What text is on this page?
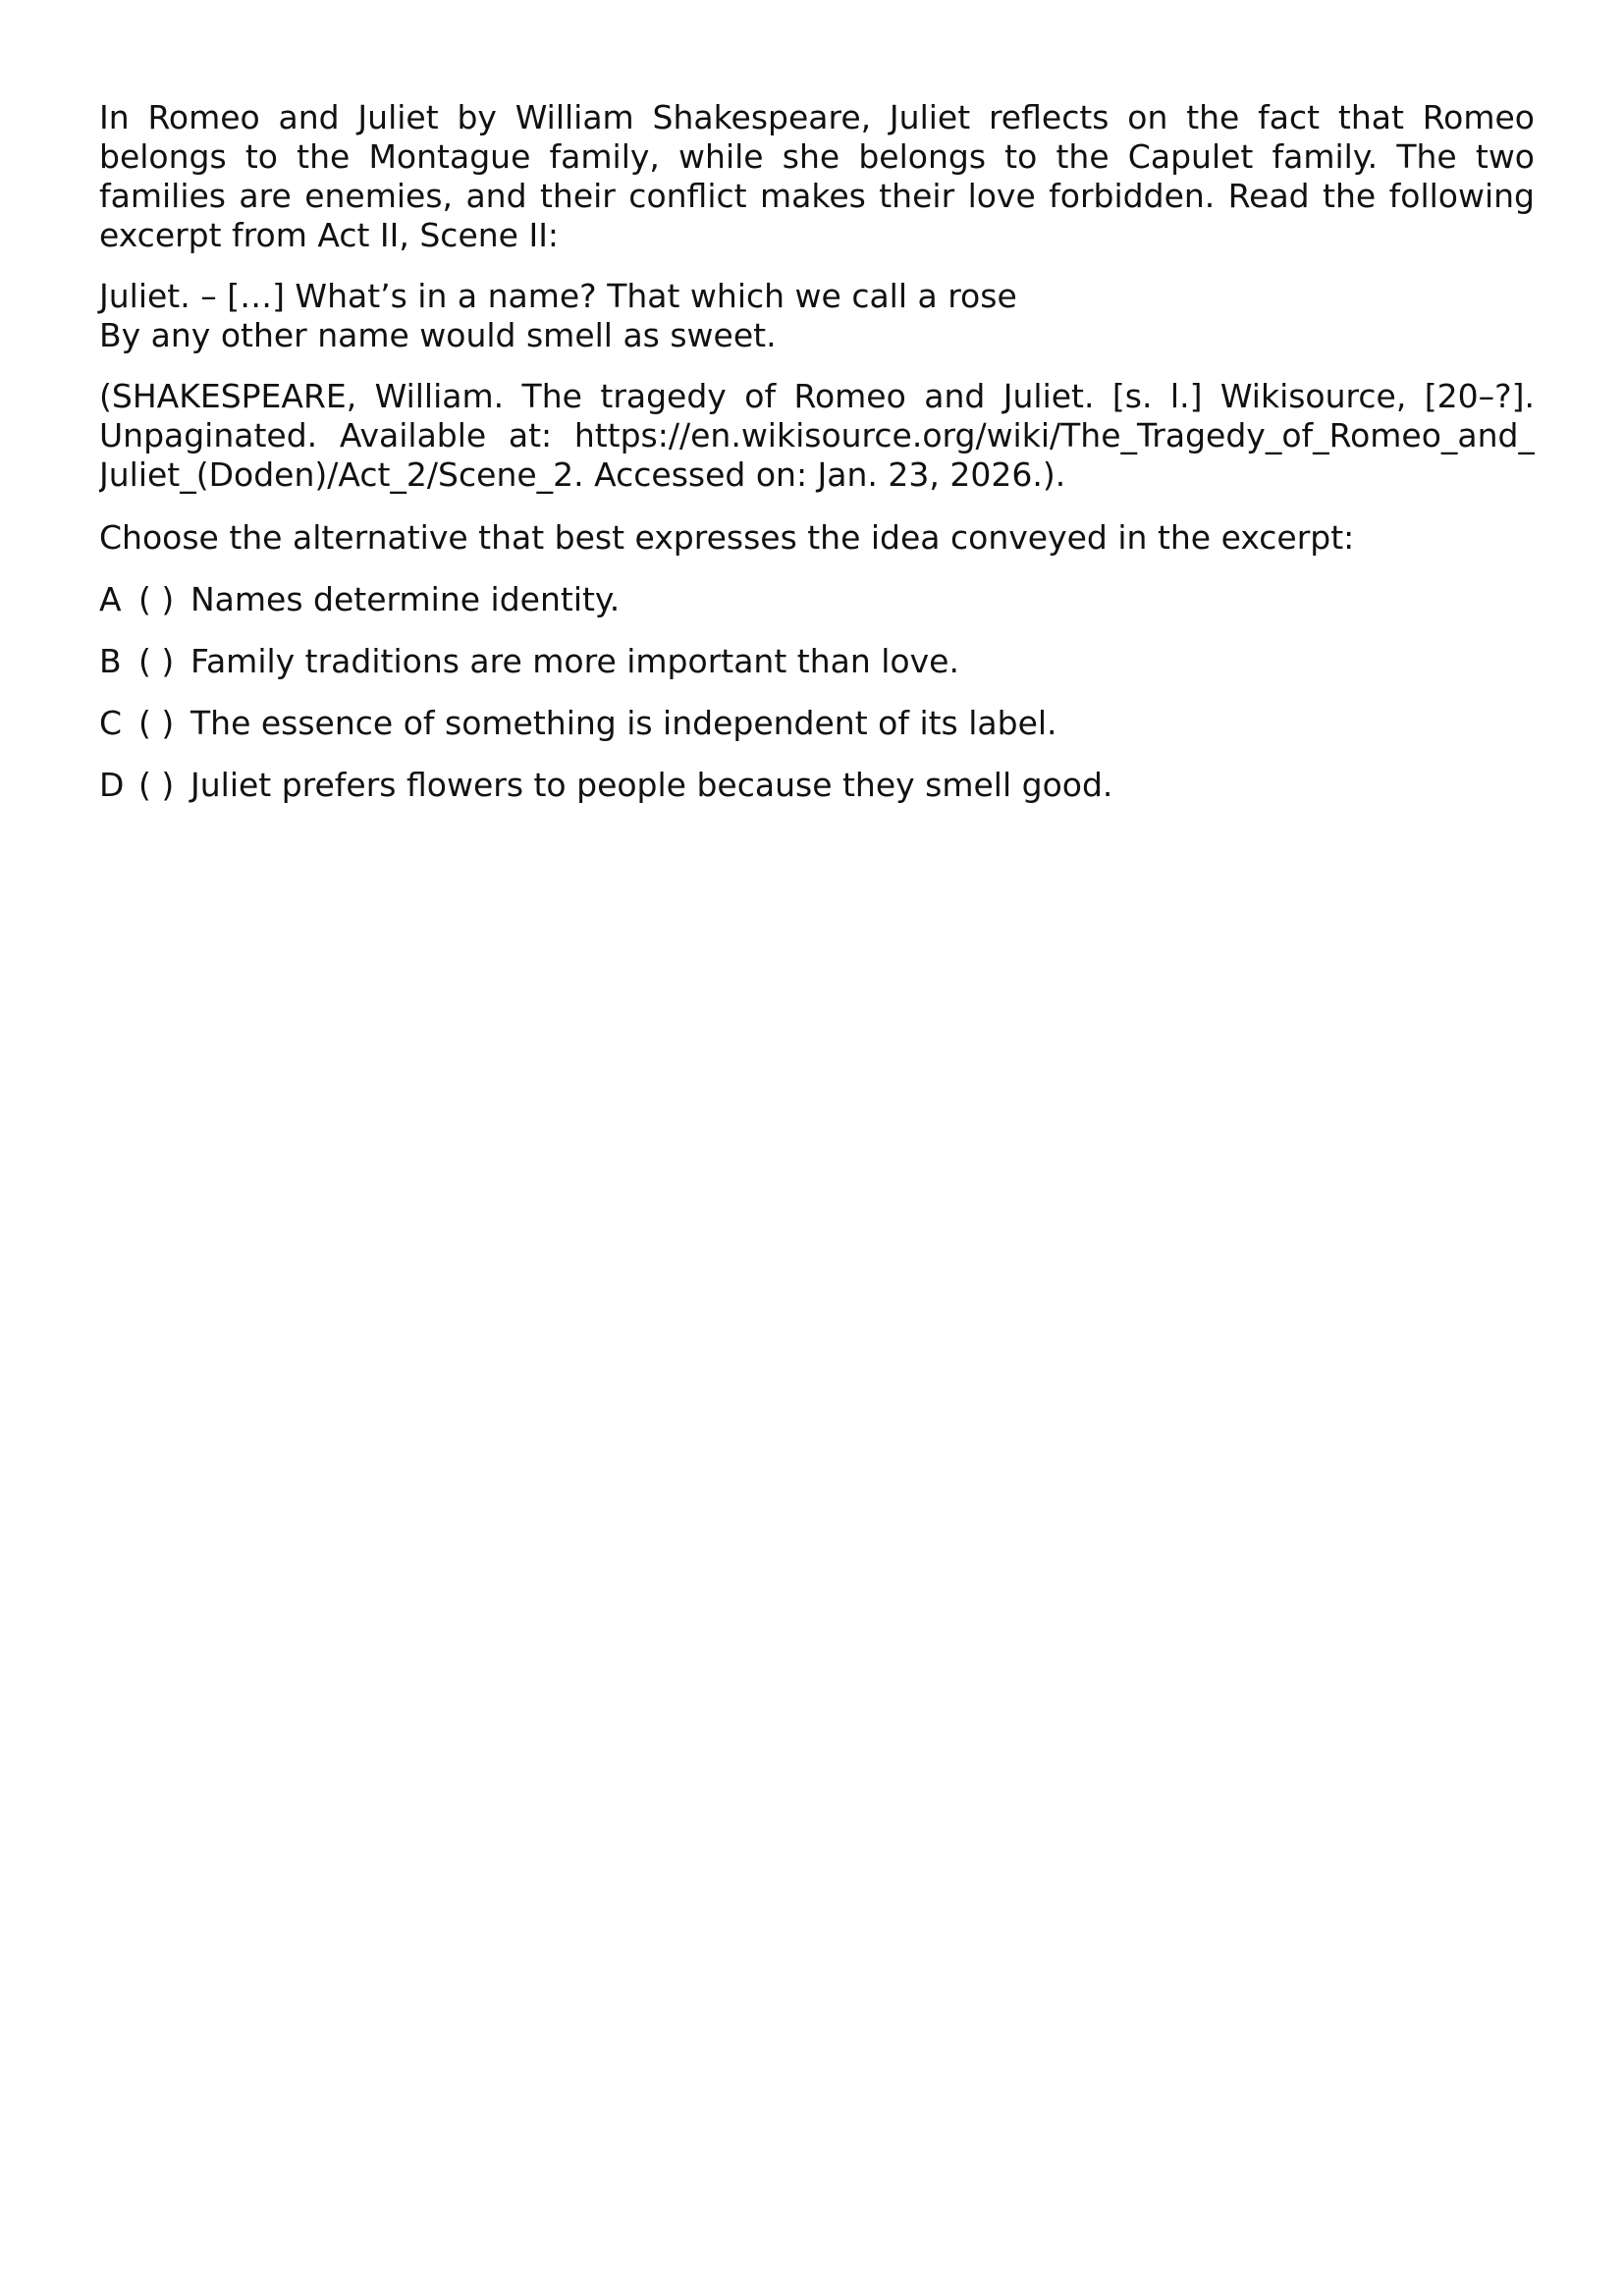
In Romeo and Juliet by William Shakespeare, Juliet reflects on the fact that Romeo belongs to the Montague family, while she belongs to the Capulet family. The two families are enemies, and their conflict makes their love forbidden. Read the following excerpt from Act II, Scene II:

Juliet. – […] What’s in a name? That which we call a rose
By any other name would smell as sweet.
(SHAKESPEARE, William. The tragedy of Romeo and Juliet. [s. l.] Wikisource, [20–?].
Unpaginated. Available at: https://en.wikisource.org/wiki/The_Tragedy_of_Romeo_and_
Juliet_(Doden)/Act_2/Scene_2. Accessed on: Jan. 23, 2026.).

Choose the alternative that best expresses the idea conveyed in the excerpt:

A ( ) Names determine identity.
B ( ) Family traditions are more important than love.
C ( ) The essence of something is independent of its label.
D ( ) Juliet prefers flowers to people because they smell good.
